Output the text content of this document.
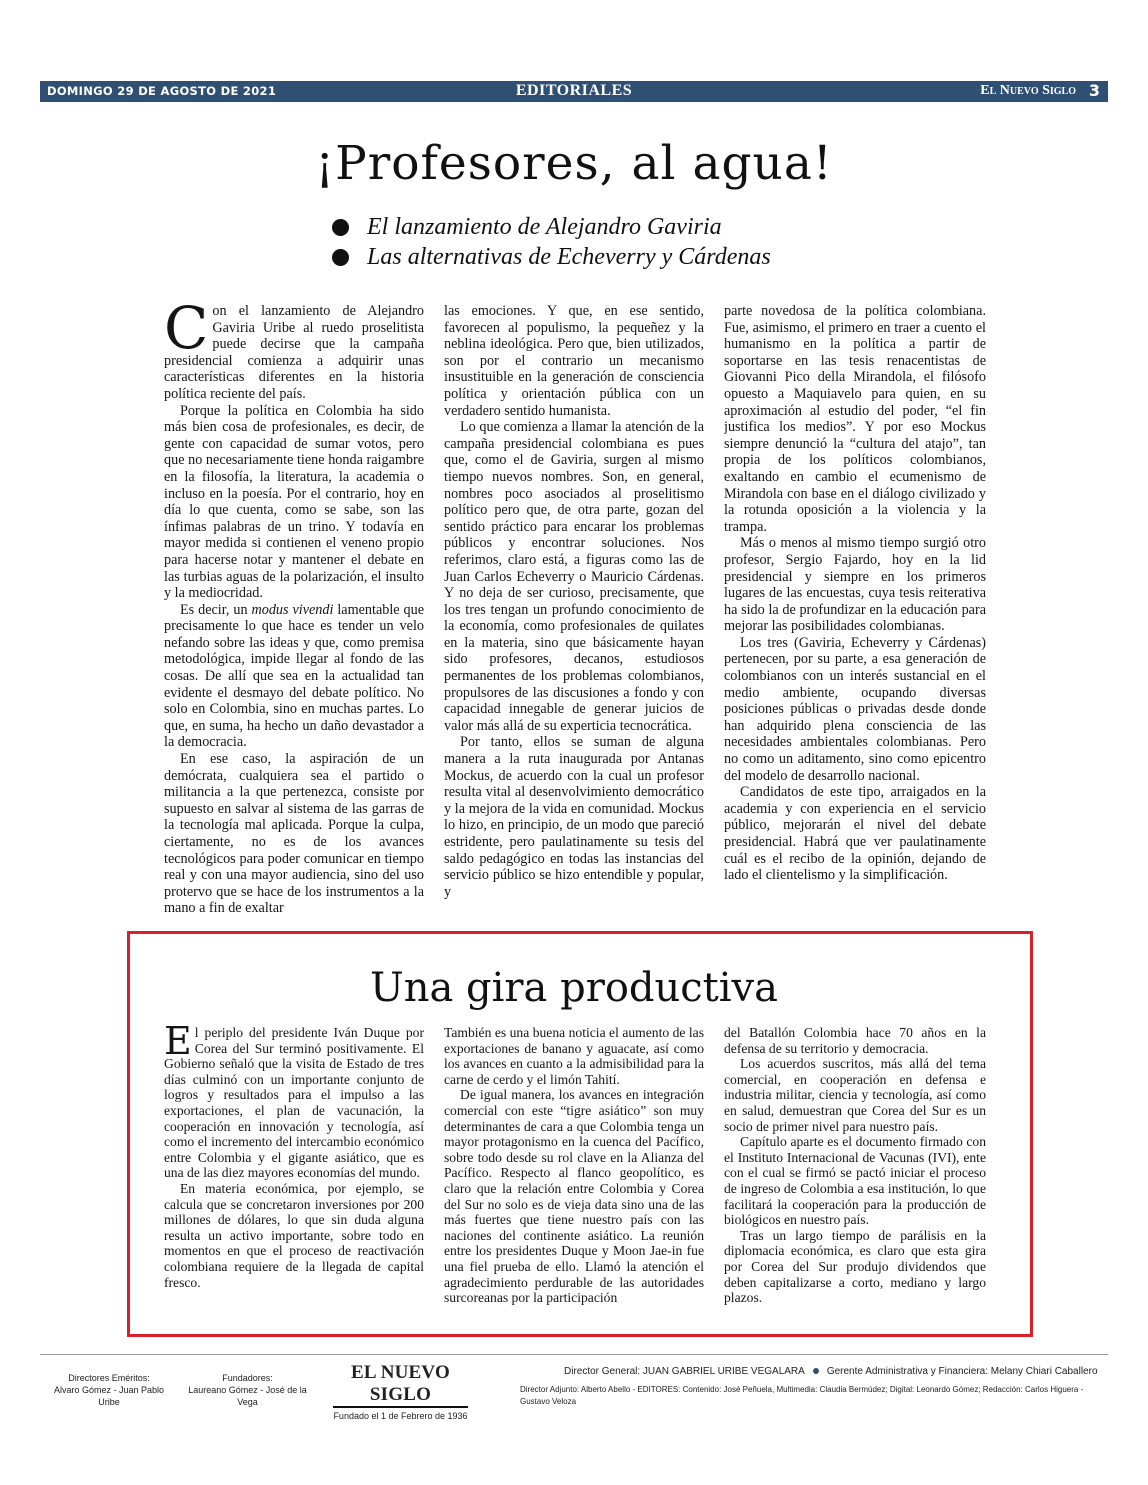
DOMINGO 29 DE AGOSTO DE 2021	EDITORIALES	El Nuevo Siglo 3
¡Profesores, al agua!
El lanzamiento de Alejandro Gaviria
Las alternativas de Echeverry y Cárdenas

Con el lanzamiento de Alejandro Gaviria Uribe al ruedo proselitista puede decirse que la campaña presidencial comienza a adquirir unas características diferentes en la historia política reciente del país.

Porque la política en Colombia ha sido más bien cosa de profesionales, es decir, de gente con capacidad de sumar votos, pero que no necesariamente tiene honda raigambre en la filosofía, la literatura, la academia o incluso en la poesía. Por el contrario, hoy en día lo que cuenta, como se sabe, son las ínfimas palabras de un trino. Y todavía en mayor medida si contienen el veneno propio para hacerse notar y mantener el debate en las turbias aguas de la polarización, el insulto y la mediocridad.

Es decir, un modus vivendi lamentable que precisamente lo que hace es tender un velo nefando sobre las ideas y que, como premisa metodológica, impide llegar al fondo de las cosas. De allí que sea en la actualidad tan evidente el desmayo del debate político. No solo en Colombia, sino en muchas partes. Lo que, en suma, ha hecho un daño devastador a la democracia.

En ese caso, la aspiración de un demócrata, cualquiera sea el partido o militancia a la que pertenezca, consiste por supuesto en salvar al sistema de las garras de la tecnología mal aplicada. Porque la culpa, ciertamente, no es de los avances tecnológicos para poder comunicar en tiempo real y con una mayor audiencia, sino del uso protervo que se hace de los instrumentos a la mano a fin de exaltar

las emociones. Y que, en ese sentido, favorecen al populismo, la pequeñez y la neblina ideológica. Pero que, bien utilizados, son por el contrario un mecanismo insustituible en la generación de consciencia política y orientación pública con un verdadero sentido humanista.

Lo que comienza a llamar la atención de la campaña presidencial colombiana es pues que, como el de Gaviria, surgen al mismo tiempo nuevos nombres. Son, en general, nombres poco asociados al proselitismo político pero que, de otra parte, gozan del sentido práctico para encarar los problemas públicos y encontrar soluciones. Nos referimos, claro está, a figuras como las de Juan Carlos Echeverry o Mauricio Cárdenas. Y no deja de ser curioso, precisamente, que los tres tengan un profundo conocimiento de la economía, como profesionales de quilates en la materia, sino que básicamente hayan sido profesores, decanos, estudiosos permanentes de los problemas colombianos, propulsores de las discusiones a fondo y con capacidad innegable de generar juicios de valor más allá de su experticia tecnocrática.

Por tanto, ellos se suman de alguna manera a la ruta inaugurada por Antanas Mockus, de acuerdo con la cual un profesor resulta vital al desenvolvimiento democrático y la mejora de la vida en comunidad. Mockus lo hizo, en principio, de un modo que pareció estridente, pero paulatinamente su tesis del saldo pedagógico en todas las instancias del servicio público se hizo entendible y popular, y

parte novedosa de la política colombiana. Fue, asimismo, el primero en traer a cuento el humanismo en la política a partir de soportarse en las tesis renacentistas de Giovanni Pico della Mirandola, el filósofo opuesto a Maquiavelo para quien, en su aproximación al estudio del poder, “el fin justifica los medios”. Y por eso Mockus siempre denunció la “cultura del atajo”, tan propia de los políticos colombianos, exaltando en cambio el ecumenismo de Mirandola con base en el diálogo civilizado y la rotunda oposición a la violencia y la trampa.

Más o menos al mismo tiempo surgió otro profesor, Sergio Fajardo, hoy en la lid presidencial y siempre en los primeros lugares de las encuestas, cuya tesis reiterativa ha sido la de profundizar en la educación para mejorar las posibilidades colombianas.

Los tres (Gaviria, Echeverry y Cárdenas) pertenecen, por su parte, a esa generación de colombianos con un interés sustancial en el medio ambiente, ocupando diversas posiciones públicas o privadas desde donde han adquirido plena consciencia de las necesidades ambientales colombianas. Pero no como un aditamento, sino como epicentro del modelo de desarrollo nacional.

Candidatos de este tipo, arraigados en la academia y con experiencia en el servicio público, mejorarán el nivel del debate presidencial. Habrá que ver paulatinamente cuál es el recibo de la opinión, dejando de lado el clientelismo y la simplificación.

Una gira productiva

El periplo del presidente Iván Duque por Corea del Sur terminó positivamente. El Gobierno señaló que la visita de Estado de tres días culminó con un importante conjunto de logros y resultados para el impulso a las exportaciones, el plan de vacunación, la cooperación en innovación y tecnología, así como el incremento del intercambio económico entre Colombia y el gigante asiático, que es una de las diez mayores economías del mundo.

En materia económica, por ejemplo, se calcula que se concretaron inversiones por 200 millones de dólares, lo que sin duda alguna resulta un activo importante, sobre todo en momentos en que el proceso de reactivación colombiana requiere de la llegada de capital fresco.

También es una buena noticia el aumento de las exportaciones de banano y aguacate, así como los avances en cuanto a la admisibilidad para la carne de cerdo y el limón Tahití.

De igual manera, los avances en integración comercial con este “tigre asiático” son muy determinantes de cara a que Colombia tenga un mayor protagonismo en la cuenca del Pacífico, sobre todo desde su rol clave en la Alianza del Pacífico. Respecto al flanco geopolítico, es claro que la relación entre Colombia y Corea del Sur no solo es de vieja data sino una de las más fuertes que tiene nuestro país con las naciones del continente asiático. La reunión entre los presidentes Duque y Moon Jae-in fue una fiel prueba de ello. Llamó la atención el agradecimiento perdurable de las autoridades surcoreanas por la participación

del Batallón Colombia hace 70 años en la defensa de su territorio y democracia.

Los acuerdos suscritos, más allá del tema comercial, en cooperación en defensa e industria militar, ciencia y tecnología, así como en salud, demuestran que Corea del Sur es un socio de primer nivel para nuestro país.

Capítulo aparte es el documento firmado con el Instituto Internacional de Vacunas (IVI), ente con el cual se firmó se pactó iniciar el proceso de ingreso de Colombia a esa institución, lo que facilitará la cooperación para la producción de biológicos en nuestro país.

Tras un largo tiempo de parálisis en la diplomacia económica, es claro que esta gira por Corea del Sur produjo dividendos que deben capitalizarse a corto, mediano y largo plazos.

Directores Eméritos:
Alvaro Gómez - Juan Pablo Uribe
Fundadores:
Laureano Gómez - José de la Vega
EL NUEVO SIGLO
Fundado el 1 de Febrero de 1936
Director General: JUAN GABRIEL URIBE VEGALARA Gerente Administrativa y Financiera: Melany Chiari Caballero
Director Adjunto: Alberto Abello - EDITORES: Contenido: José Peñuela, Multimedia: Claudia Bermúdez; Digital: Leonardo Gómez; Redacción: Carlos Higuera - Gustavo Veloza
